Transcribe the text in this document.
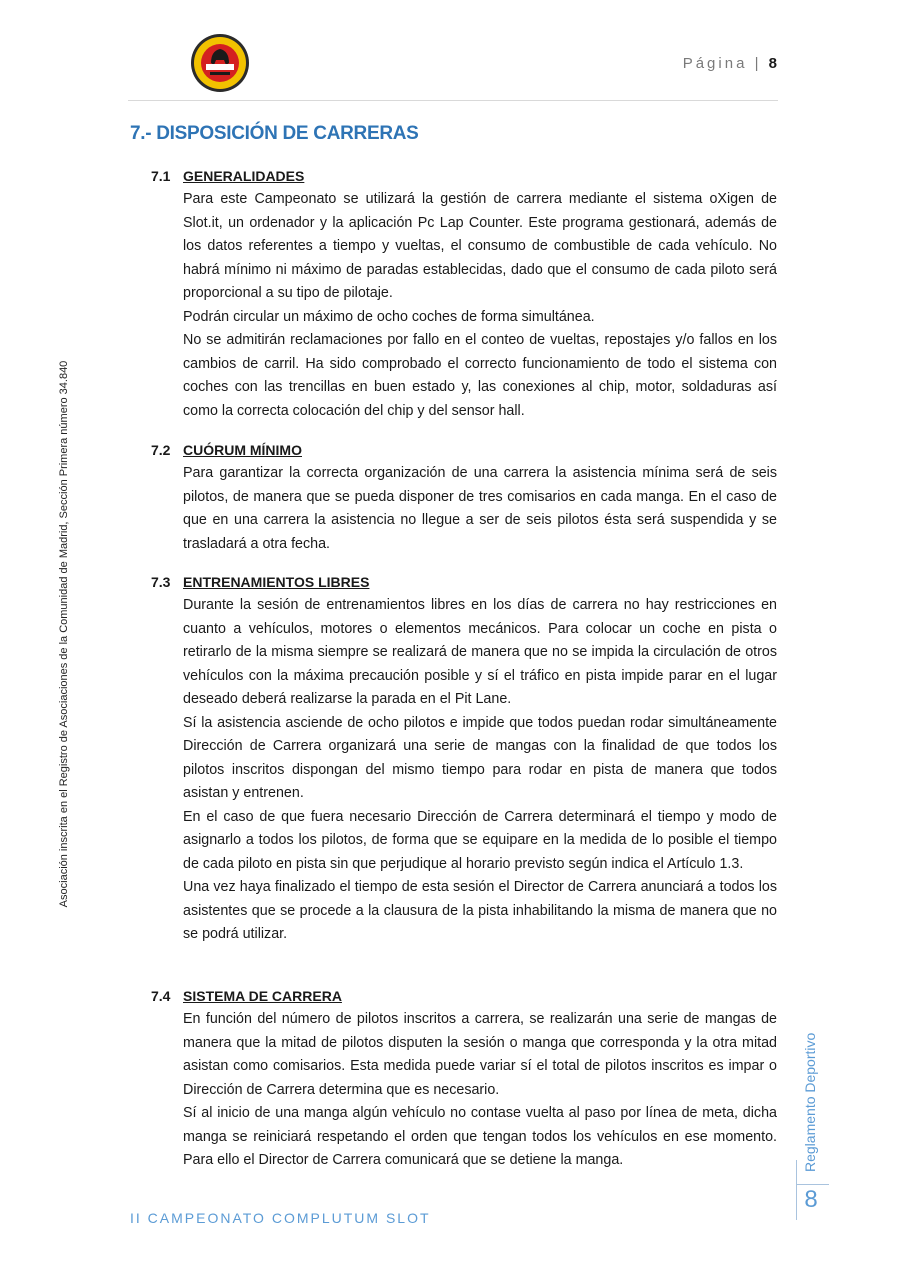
Página | 8
Asociación inscrita en el Registro de Asociaciones de la Comunidad de Madrid, Sección Primera número 34.840
7.- DISPOSICIÓN DE CARRERAS
7.1 GENERALIDADES

Para este Campeonato se utilizará la gestión de carrera mediante el sistema oXigen de Slot.it, un ordenador y la aplicación Pc Lap Counter. Este programa gestionará, además de los datos referentes a tiempo y vueltas, el consumo de combustible de cada vehículo. No habrá mínimo ni máximo de paradas establecidas, dado que el consumo de cada piloto será proporcional a su tipo de pilotaje.

Podrán circular un máximo de ocho coches de forma simultánea.

No se admitirán reclamaciones por fallo en el conteo de vueltas, repostajes y/o fallos en los cambios de carril. Ha sido comprobado el correcto funcionamiento de todo el sistema con coches con las trencillas en buen estado y, las conexiones al chip, motor, soldaduras así como la correcta colocación del chip y del sensor hall.

7.2 CUÓRUM MÍNIMO

Para garantizar la correcta organización de una carrera la asistencia mínima será de seis pilotos, de manera que se pueda disponer de tres comisarios en cada manga. En el caso de que en una carrera la asistencia no llegue a ser de seis pilotos ésta será suspendida y se trasladará a otra fecha.

7.3 ENTRENAMIENTOS LIBRES

Durante la sesión de entrenamientos libres en los días de carrera no hay restricciones en cuanto a vehículos, motores o elementos mecánicos. Para colocar un coche en pista o retirarlo de la misma siempre se realizará de manera que no se impida la circulación de otros vehículos con la máxima precaución posible y sí el tráfico en pista impide parar en el lugar deseado deberá realizarse la parada en el Pit Lane.

Sí la asistencia asciende de ocho pilotos e impide que todos puedan rodar simultáneamente Dirección de Carrera organizará una serie de mangas con la finalidad de que todos los pilotos inscritos dispongan del mismo tiempo para rodar en pista de manera que todos asistan y entrenen.

En el caso de que fuera necesario Dirección de Carrera determinará el tiempo y modo de asignarlo a todos los pilotos, de forma que se equipare en la medida de lo posible el tiempo de cada piloto en pista sin que perjudique al horario previsto según indica el Artículo 1.3.

Una vez haya finalizado el tiempo de esta sesión el Director de Carrera anunciará a todos los asistentes que se procede a la clausura de la pista inhabilitando la misma de manera que no se podrá utilizar.

7.4 SISTEMA DE CARRERA

En función del número de pilotos inscritos a carrera, se realizarán una serie de mangas de manera que la mitad de pilotos disputen la sesión o manga que corresponda y la otra mitad asistan como comisarios. Esta medida puede variar sí el total de pilotos inscritos es impar o Dirección de Carrera determina que es necesario.

Sí al inicio de una manga algún vehículo no contase vuelta al paso por línea de meta, dicha manga se reiniciará respetando el orden que tengan todos los vehículos en ese momento. Para ello el Director de Carrera comunicará que se detiene la manga.

II CAMPEONATO COMPLUTUM SLOT
Reglamento Deportivo
8
